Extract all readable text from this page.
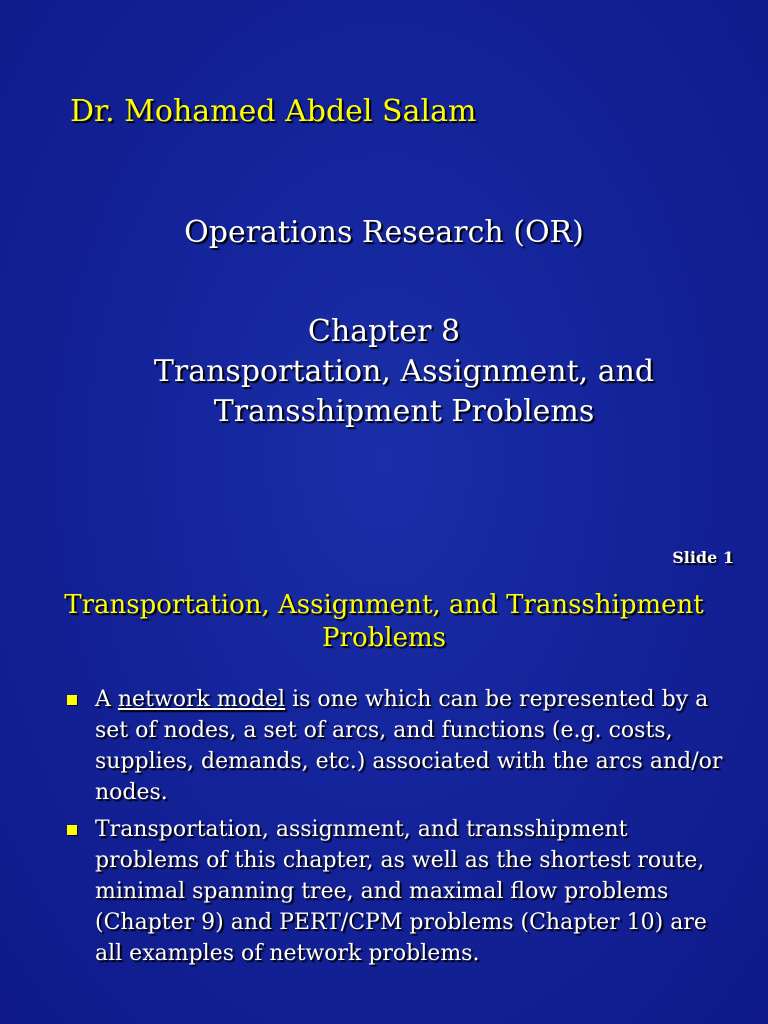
Dr. Mohamed Abdel Salam
Operations Research (OR)
Chapter 8
Transportation, Assignment, and Transshipment Problems
Slide 1
Transportation, Assignment, and Transshipment Problems
A network model is one which can be represented by a set of nodes, a set of arcs, and functions (e.g. costs, supplies, demands, etc.) associated with the arcs and/or nodes.
Transportation, assignment, and transshipment problems of this chapter, as well as the shortest route, minimal spanning tree, and maximal flow problems (Chapter 9) and PERT/CPM problems (Chapter 10) are all examples of network problems.
